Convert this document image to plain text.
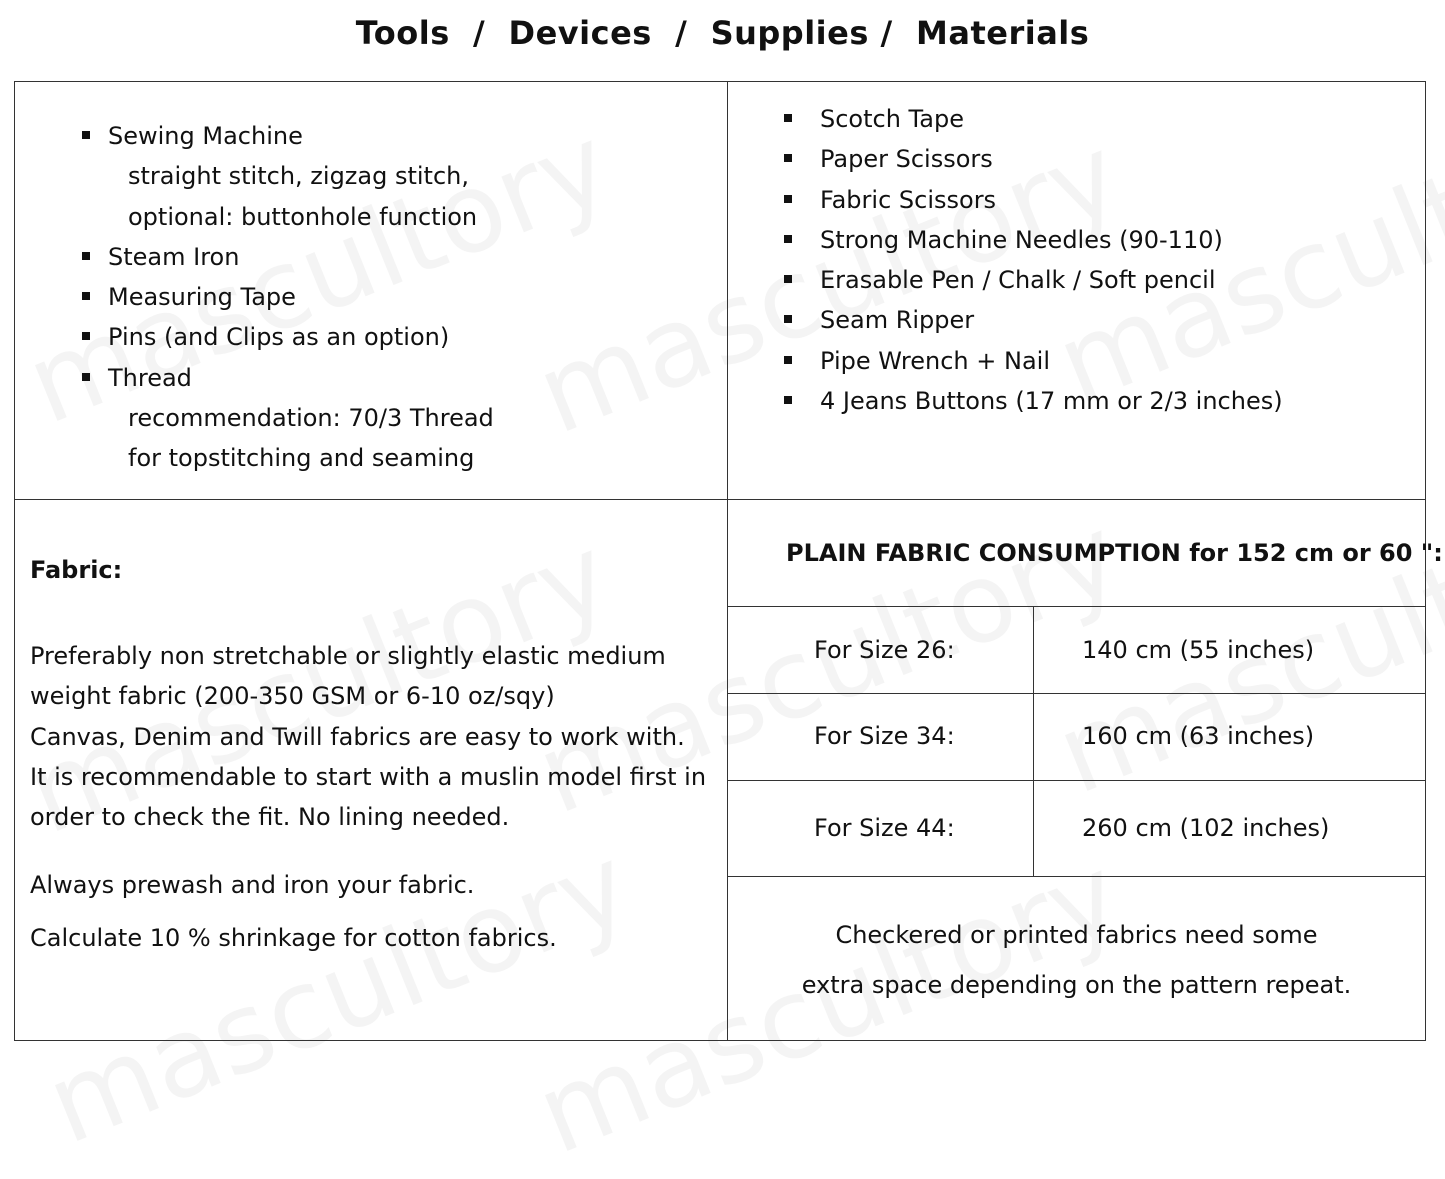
Tools  /  Devices  /  Supplies /  Materials
Sewing Machine
straight stitch, zigzag stitch,
optional: buttonhole function
Steam Iron
Measuring Tape
Pins (and Clips as an option)
Thread
recommendation: 70/3 Thread
for topstitching and seaming
Scotch Tape
Paper Scissors
Fabric Scissors
Strong Machine Needles (90-110)
Erasable Pen / Chalk / Soft pencil
Seam Ripper
Pipe Wrench + Nail
4 Jeans Buttons (17 mm or 2/3 inches)
Fabric:
Preferably non stretchable or slightly elastic medium
weight fabric (200-350 GSM or 6-10 oz/sqy)
Canvas, Denim and Twill fabrics are easy to work with.
It is recommendable to start with a muslin model first in
order to check the fit. No lining needed.
Always prewash and iron your fabric.
Calculate 10 % shrinkage for cotton fabrics.
PLAIN FABRIC CONSUMPTION for 152 cm or 60 ":
For Size 26:	140 cm (55 inches)
For Size 34:	160 cm (63 inches)
For Size 44:	260 cm (102 inches)
Checkered or printed fabrics need some
extra space depending on the pattern repeat.
